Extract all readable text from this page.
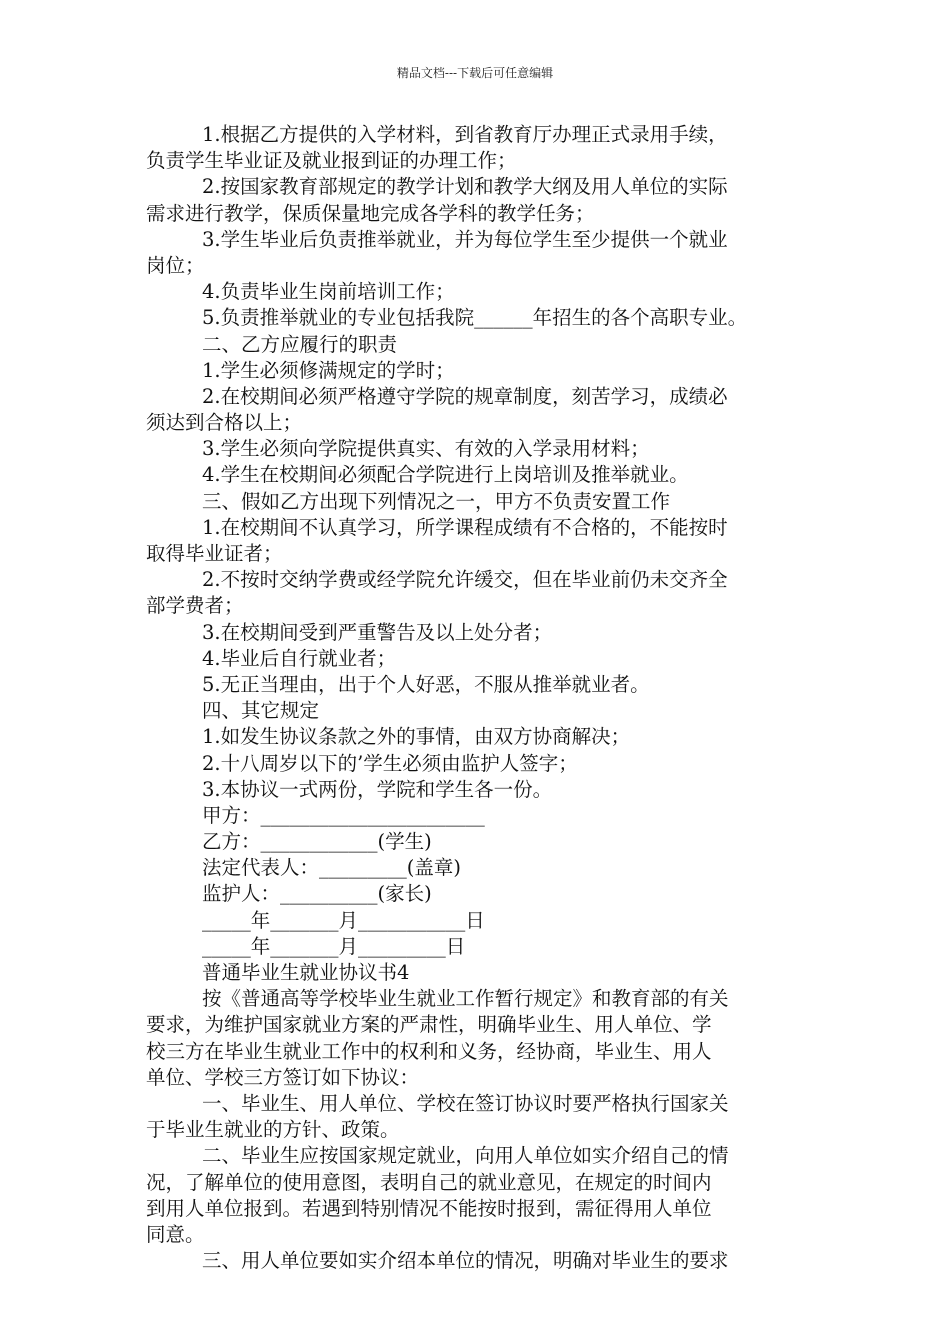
精品文档---下载后可任意编辑
1.根据乙方提供的入学材料，到省教育厅办理正式录用手续，
负责学生毕业证及就业报到证的办理工作；
2.按国家教育部规定的教学计划和教学大纲及用人单位的实际
需求进行教学，保质保量地完成各学科的教学任务；
3.学生毕业后负责推举就业，并为每位学生至少提供一个就业
岗位；
4.负责毕业生岗前培训工作；
5.负责推举就业的专业包括我院______年招生的各个高职专业。
二、乙方应履行的职责
1.学生必须修满规定的学时；
2.在校期间必须严格遵守学院的规章制度，刻苦学习，成绩必
须达到合格以上；
3.学生必须向学院提供真实、有效的入学录用材料；
4.学生在校期间必须配合学院进行上岗培训及推举就业。
三、假如乙方出现下列情况之一，甲方不负责安置工作
1.在校期间不认真学习，所学课程成绩有不合格的，不能按时
取得毕业证者；
2.不按时交纳学费或经学院允许缓交，但在毕业前仍未交齐全
部学费者；
3.在校期间受到严重警告及以上处分者；
4.毕业后自行就业者；
5.无正当理由，出于个人好恶，不服从推举就业者。
四、其它规定
1.如发生协议条款之外的事情，由双方协商解决；
2.十八周岁以下的’学生必须由监护人签字；
3.本协议一式两份，学院和学生各一份。
甲方：_______________________
乙方：____________(学生)
法定代表人：_________(盖章)
监护人：__________(家长)
_____年_______月___________日
_____年_______月_________日
普通毕业生就业协议书4
按《普通高等学校毕业生就业工作暂行规定》和教育部的有关
要求，为维护国家就业方案的严肃性，明确毕业生、用人单位、学
校三方在毕业生就业工作中的权利和义务，经协商，毕业生、用人
单位、学校三方签订如下协议：
一、毕业生、用人单位、学校在签订协议时要严格执行国家关
于毕业生就业的方针、政策。
二、毕业生应按国家规定就业，向用人单位如实介绍自己的情
况，了解单位的使用意图，表明自己的就业意见，在规定的时间内
到用人单位报到。若遇到特别情况不能按时报到，需征得用人单位
同意。
三、用人单位要如实介绍本单位的情况，明确对毕业生的要求
